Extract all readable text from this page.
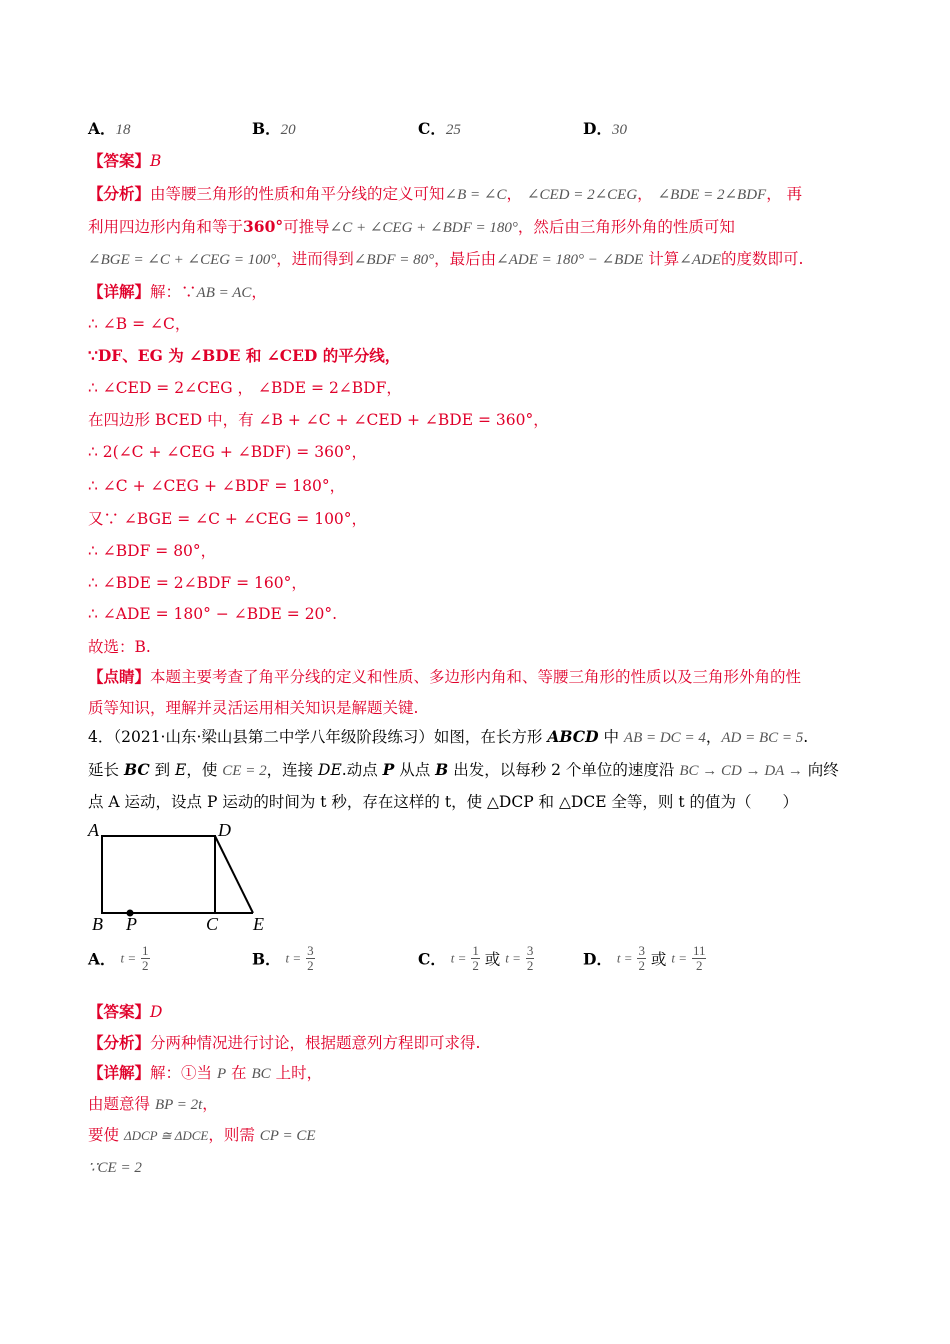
A．18	B．20	C．25	D．30
【答案】B
【分析】由等腰三角形的性质和角平分线的定义可知∠B = ∠C， ∠CED = 2∠CEG， ∠BDE = 2∠BDF， 再
利用四边形内角和等于360°可推导∠C + ∠CEG + ∠BDF = 180°，然后由三角形外角的性质可知
∠BGE = ∠C + ∠CEG = 100°，进而得到∠BDF = 80°，最后由∠ADE = 180° − ∠BDE 计算∠ADE的度数即可.
【详解】解：∵AB = AC，
∴ ∠B = ∠C，
∵DF、EG 为 ∠BDE 和 ∠CED 的平分线，
∴ ∠CED = 2∠CEG ， ∠BDE = 2∠BDF，
在四边形 BCED 中，有 ∠B + ∠C + ∠CED + ∠BDE = 360°，
∴ 2(∠C + ∠CEG + ∠BDF) = 360°，
∴ ∠C + ∠CEG + ∠BDF = 180°，
又∵ ∠BGE = ∠C + ∠CEG = 100°，
∴ ∠BDF = 80°，
∴ ∠BDE = 2∠BDF = 160°，
∴ ∠ADE = 180° − ∠BDE = 20°.
故选：B.
【点睛】本题主要考查了角平分线的定义和性质、多边形内角和、等腰三角形的性质以及三角形外角的性
质等知识，理解并灵活运用相关知识是解题关键.
4．（2021·山东·梁山县第二中学八年级阶段练习）如图，在长方形 ABCD 中 AB = DC = 4，AD = BC = 5.
延长 BC 到 E，使 CE = 2，连接 DE.动点 P 从点 B 出发，以每秒 2 个单位的速度沿 BC → CD → DA → 向终
点 A 运动，设点 P 运动的时间为 t 秒，存在这样的 t，使 △DCP 和 △DCE 全等，则 t 的值为（　　）
A	D
B P	C E
A． $t = \frac{1}{2}$	B． $t = \frac{3}{2}$	C． $t = \frac{1}{2}$ 或 $t = \frac{3}{2}$	D． $t = \frac{3}{2}$ 或 $t = \frac{11}{2}$
【答案】D
【分析】分两种情况进行讨论，根据题意列方程即可求得.
【详解】解：①当 P 在 BC 上时，
由题意得 BP = 2t，
要使 ΔDCP ≅ ΔDCE，则需 CP = CE
∵CE = 2
